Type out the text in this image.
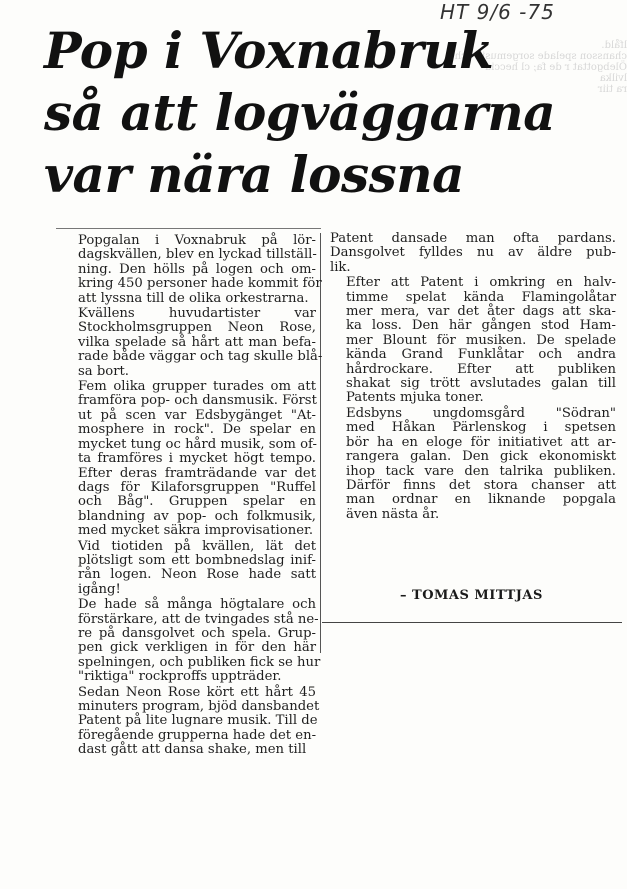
lfåld.
chansson spelade sorgemusik och
Ölebgottat r de fa; cl heccia
lvilka
ra tiir
HT 9/6 -75
Pop i Voxnabruk
så att logväggarna
var nära lossna

Popgalan i Voxnabruk på lör-
dagskvällen, blev en lyckad tillställ-
ning. Den hölls på logen och om-
kring 450 personer hade kommit för
att lyssna till de olika orkestrarna.

Kvällens huvudartister var
Stockholmsgruppen Neon Rose,
vilka spelade så hårt att man befa-
rade både väggar och tag skulle blå-
sa bort.

Fem olika grupper turades om att
framföra pop- och dansmusik. Först
ut på scen var Edsbygänget "At-
mosphere in rock". De spelar en
mycket tung oc hård musik, som of-
ta framföres i mycket högt tempo.
Efter deras framträdande var det
dags för Kilaforsgruppen "Ruffel
och Båg". Gruppen spelar en
blandning av pop- och folkmusik,
med mycket säkra improvisationer.

Vid tiotiden på kvällen, lät det
plötsligt som ett bombnedslag inif-
rån logen. Neon Rose hade satt
igång!

De hade så många högtalare och
förstärkare, att de tvingades stå ne-
re på dansgolvet och spela. Grup-
pen gick verkligen in för den här
spelningen, och publiken fick se hur
"riktiga" rockproffs uppträder.

Sedan Neon Rose kört ett hårt 45
minuters program, bjöd dansbandet
Patent på lite lugnare musik. Till de
föregående grupperna hade det en-
dast gått att dansa shake, men till

Patent dansade man ofta pardans.
Dansgolvet fylldes nu av äldre pub-
lik.

Efter att Patent i omkring en halv-
timme spelat kända Flamingolåtar
mer mera, var det åter dags att ska-
ka loss. Den här gången stod Ham-
mer Blount för musiken. De spelade
kända Grand Funklåtar och andra
hårdrockare. Efter att publiken
shakat sig trött avslutades galan till
Patents mjuka toner.

Edsbyns ungdomsgård "Södran"
med Håkan Pärlenskog i spetsen
bör ha en eloge för initiativet att ar-
rangera galan. Den gick ekonomiskt
ihop tack vare den talrika publiken.
Därför finns det stora chanser att
man ordnar en liknande popgala
även nästa år.

– TOMAS MITTJAS
